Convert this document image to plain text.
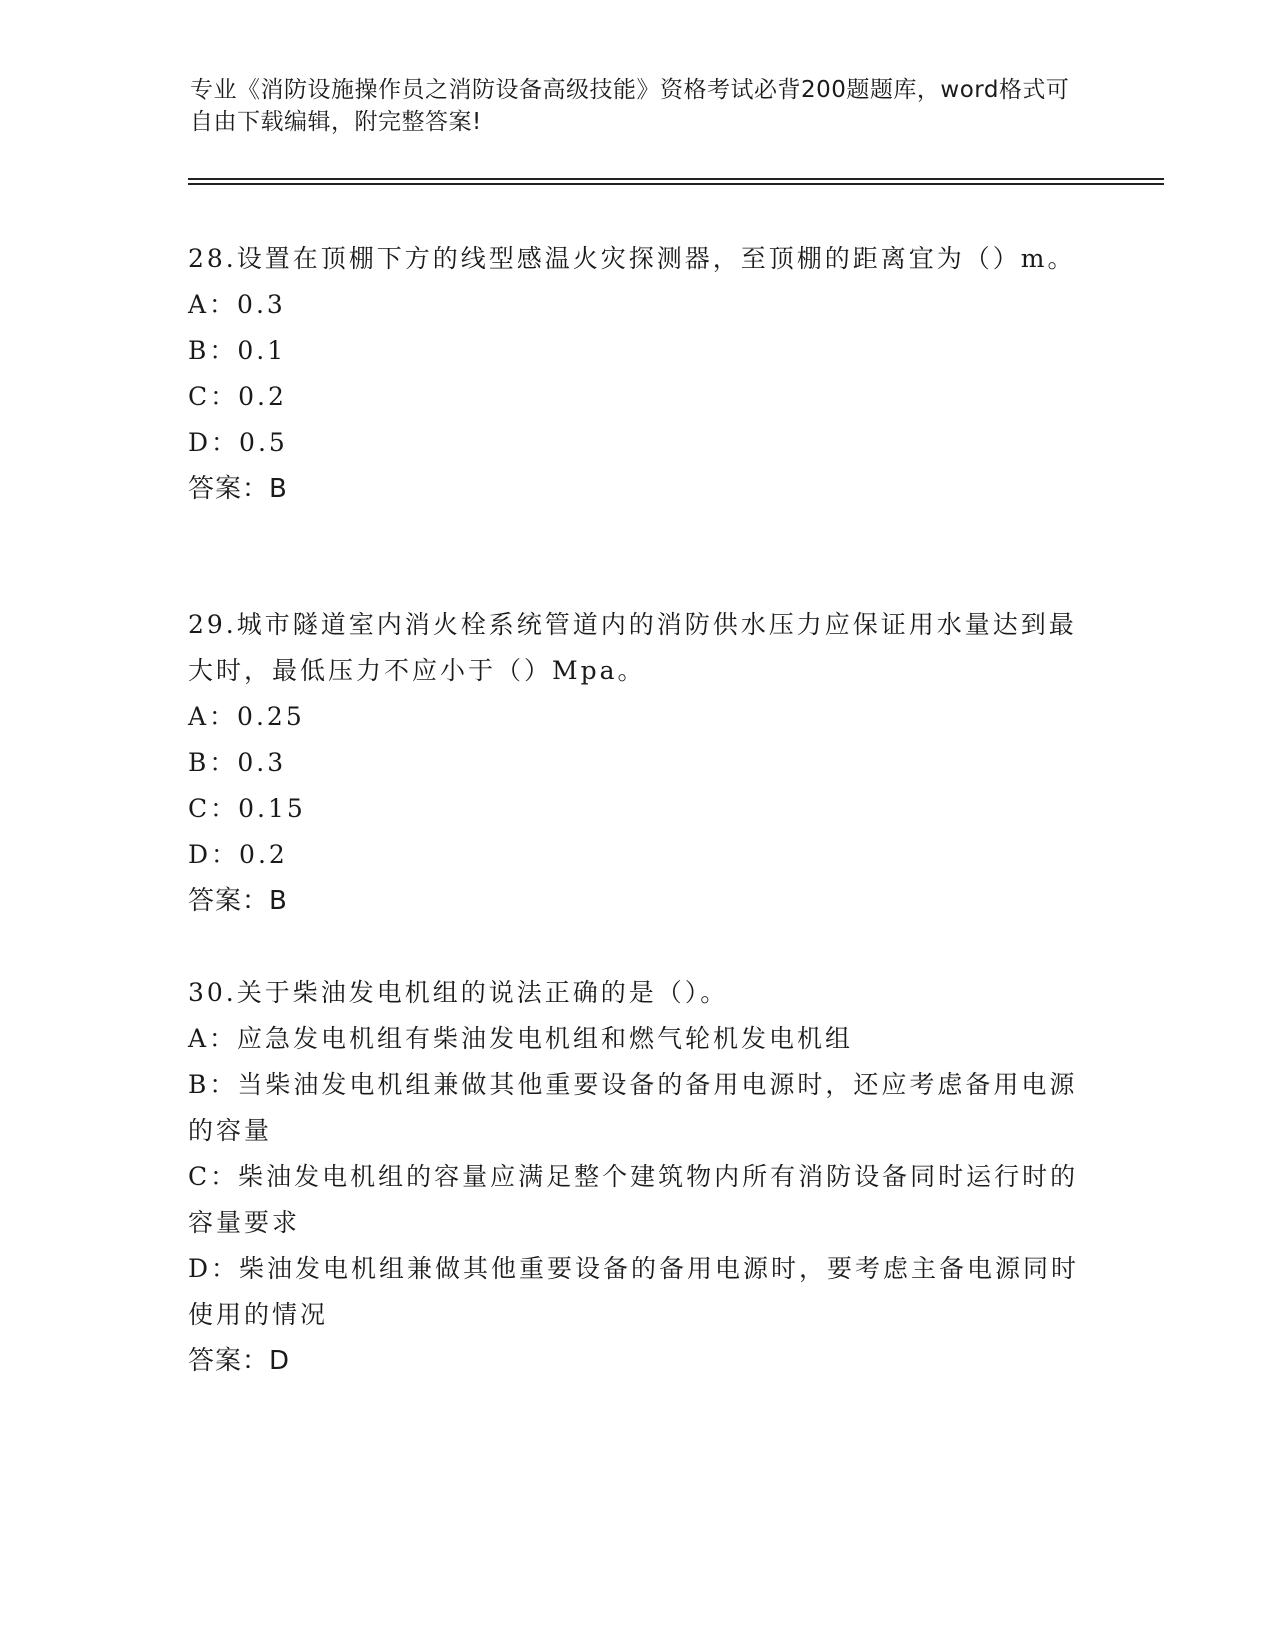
专业《消防设施操作员之消防设备高级技能》资格考试必背200题题库，word格式可自由下载编辑，附完整答案!

28.设置在顶棚下方的线型感温火灾探测器，至顶棚的距离宜为（）m。

A：0.3

B：0.1

C：0.2

D：0.5

答案：B

29.城市隧道室内消火栓系统管道内的消防供水压力应保证用水量达到最大时，最低压力不应小于（）Mpa。

A：0.25

B：0.3

C：0.15

D：0.2

答案：B

30.关于柴油发电机组的说法正确的是（）。

A：应急发电机组有柴油发电机组和燃气轮机发电机组

B：当柴油发电机组兼做其他重要设备的备用电源时，还应考虑备用电源的容量

C：柴油发电机组的容量应满足整个建筑物内所有消防设备同时运行时的容量要求

D：柴油发电机组兼做其他重要设备的备用电源时，要考虑主备电源同时使用的情况

答案：D
